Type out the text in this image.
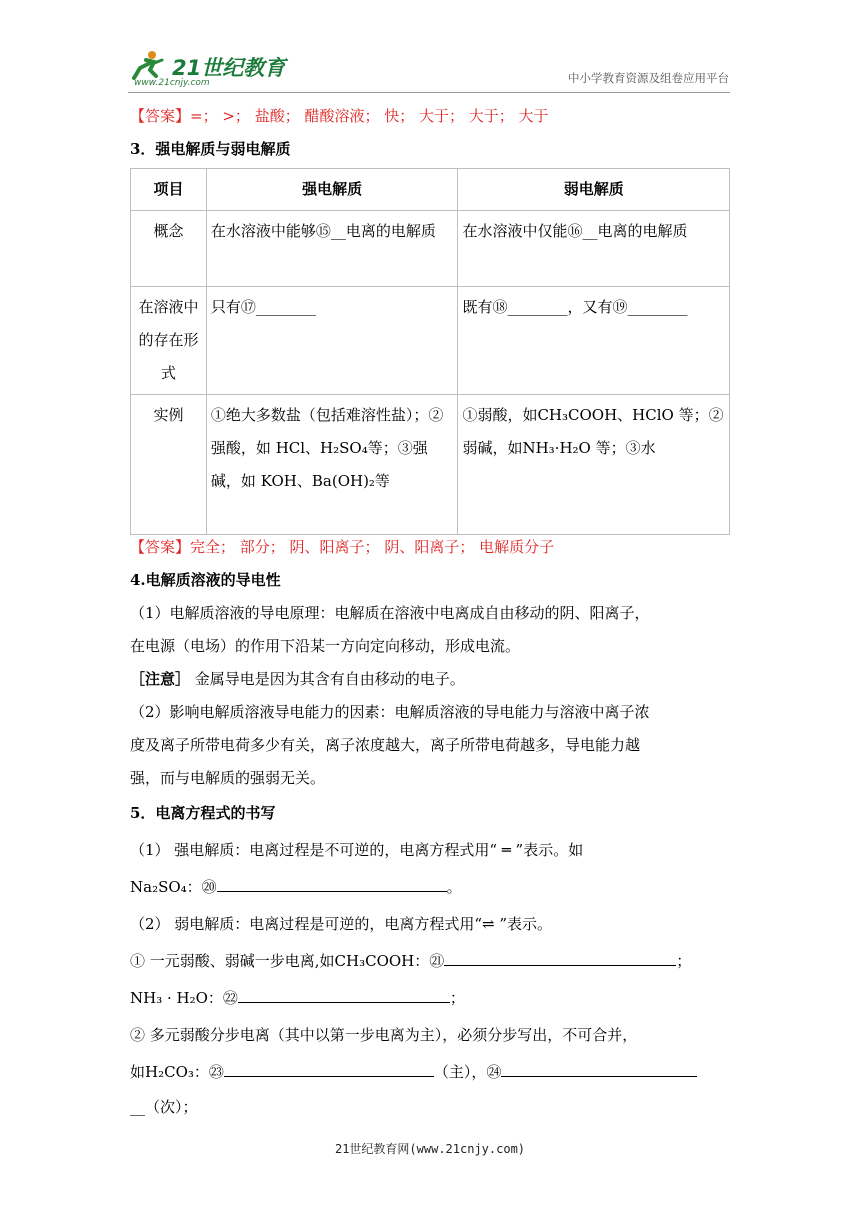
21世纪教育
www.21cnjy.com	中小学教育资源及组卷应用平台
【答案】=； >； 盐酸； 醋酸溶液； 快； 大于； 大于； 大于
3．强电解质与弱电解质
项目	强电解质	弱电解质
概念	在水溶液中能够⑮__电离的电解质	在水溶液中仅能⑯__电离的电解质
在溶液中的存在形式	只有⑰________	既有⑱________，又有⑲________
实例	①绝大多数盐（包括难溶性盐）；②强酸，如 HCl、H₂SO₄等；③强碱，如 KOH、Ba(OH)₂等	①弱酸，如CH₃COOH、HClO 等；②弱碱，如NH₃·H₂O 等；③水
【答案】完全； 部分； 阴、阳离子； 阴、阳离子； 电解质分子
4.电解质溶液的导电性
（1）电解质溶液的导电原理：电解质在溶液中电离成自由移动的阴、阳离子，
在电源（电场）的作用下沿某一方向定向移动，形成电流。
［注意］ 金属导电是因为其含有自由移动的电子。
（2）影响电解质溶液导电能力的因素：电解质溶液的导电能力与溶液中离子浓
度及离子所带电荷多少有关，离子浓度越大，离子所带电荷越多，导电能力越
强，而与电解质的强弱无关。
5．电离方程式的书写
（1） 强电解质：电离过程是不可逆的，电离方程式用“ ═ ”表示。如
Na₂SO₄：⑳	。
（2） 弱电解质：电离过程是可逆的，电离方程式用“⇌ ”表示。
① 一元弱酸、弱碱一步电离,如CH₃COOH：㉑	；
NH₃ · H₂O：㉒	；
② 多元弱酸分步电离（其中以第一步电离为主），必须分步写出，不可合并，
如H₂CO₃：㉓	（主），㉔
__（次）；
21世纪教育网(www.21cnjy.com)
